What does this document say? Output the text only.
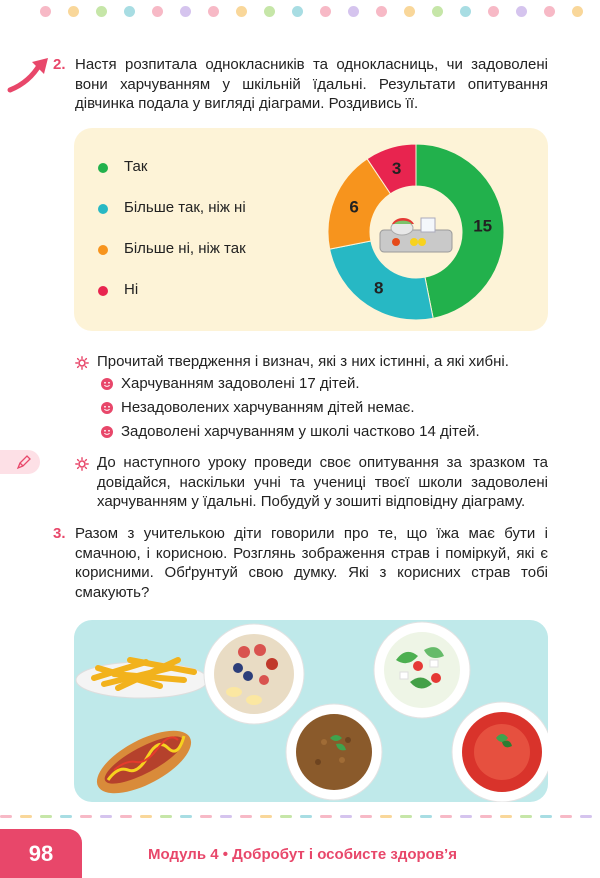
2. Настя розпитала однокласників та однокласниць, чи задоволені вони харчуванням у шкільній їдальні. Результати опитування дівчинка подала у вигляді діаграми. Роздивись її.
Так
Більше так, ніж ні
Більше ні, ніж так
Ні
15
8
6
3
Прочитай твердження і визнач, які з них істинні, а які хибні.
Харчуванням задоволені 17 дітей.
Незадоволених харчуванням дітей немає.
Задоволені харчуванням у школі частково 14 дітей.
До наступного уроку проведи своє опитування за зразком та довідайся, наскільки учні та учениці твоєї школи задоволені харчуванням у їдальні. Побудуй у зошиті відповідну діаграму.
3. Разом з учителькою діти говорили про те, що їжа має бути і смачною, і корисною. Розглянь зображення страв і поміркуй, які є корисними. Обґрунтуй свою думку. Які з корисних страв тобі смакують?
98	Модуль 4 • Добробут і особисте здоров’я
